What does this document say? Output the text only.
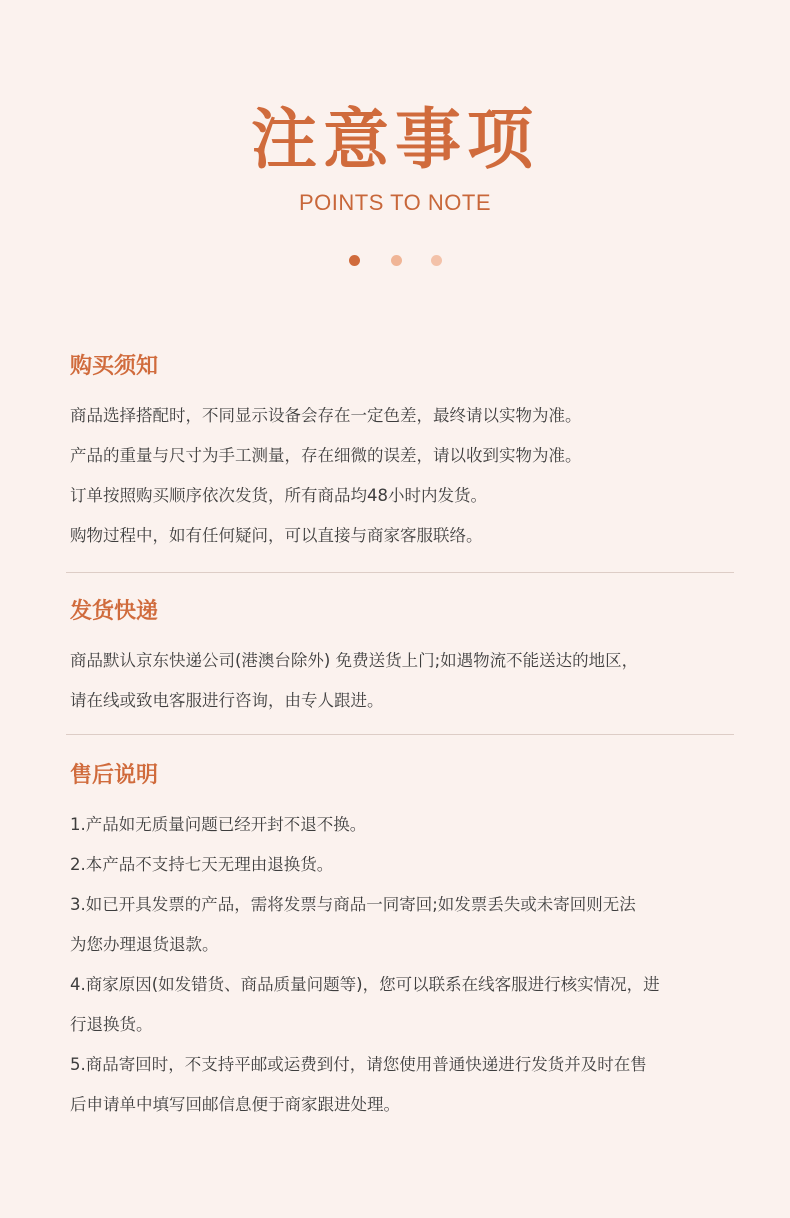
注意事项
POINTS TO NOTE
购买须知
商品选择搭配时，不同显示设备会存在一定色差，最终请以实物为准。
产品的重量与尺寸为手工测量，存在细微的误差，请以收到实物为准。
订单按照购买顺序依次发货，所有商品均48小时内发货。
购物过程中，如有任何疑问，可以直接与商家客服联络。
发货快递
商品默认京东快递公司(港澳台除外) 免费送货上门;如遇物流不能送达的地区，
请在线或致电客服进行咨询，由专人跟进。
售后说明
1.产品如无质量问题已经开封不退不换。
2.本产品不支持七天无理由退换货。
3.如已开具发票的产品，需将发票与商品一同寄回;如发票丢失或未寄回则无法
为您办理退货退款。
4.商家原因(如发错货、商品质量问题等)，您可以联系在线客服进行核实情况，进
行退换货。
5.商品寄回时，不支持平邮或运费到付，请您使用普通快递进行发货并及时在售
后申请单中填写回邮信息便于商家跟进处理。
